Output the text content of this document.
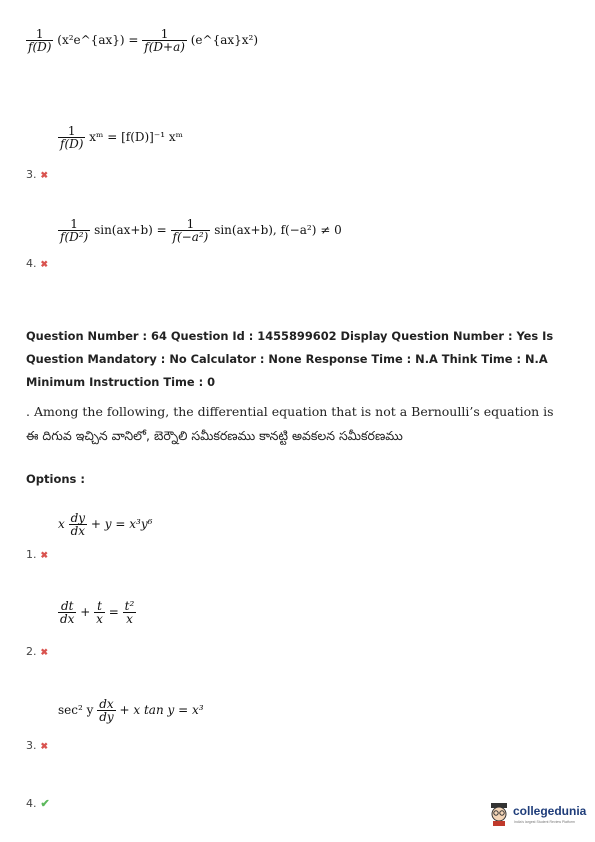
$\frac{1}{f(D)}$ (x²e^{ax}) = $\frac{1}{f(D+a)}$ (e^{ax}x²)
$\frac{1}{f(D)}$ xᵐ = [f(D)]⁻¹ xᵐ
3. ✖
$\frac{1}{\text{f(D²)}} \sin(ax+b) = \frac{1}{\text{f(−a²)}} \sin(ax+b)$, f(−a²) ≠ 0
4. ✖
Question Number : 64 Question Id : 1455899602 Display Question Number : Yes Is Question Mandatory : No Calculator : None Response Time : N.A Think Time : N.A Minimum Instruction Time : 0
. Among the following, the differential equation that is not a Bernoulli’s equation is
ఈ దిగువ ఇచ్చిన వానిలో, బెర్నౌలి సమీకరణము కానట్టి అవకలన సమీకరణము
Options :
x $\frac{dy}{dx} + y = x^3y^6$
1. ✖
$\frac{dt}{dx} + \frac{t}{x} = \frac{\text{t²}}{x}$
2. ✖
sec² y $\frac{dx}{dy} + x$ tan y = x³
3. ✖
4. ✔
collegedunia
India's largest Student Review Platform
